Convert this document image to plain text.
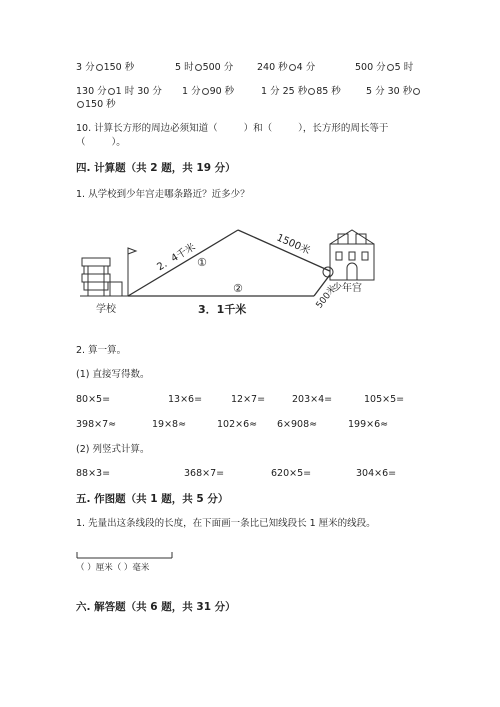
3 分 150 秒	5 时 500 分	240 秒 4 分	500 分 5 时
130 分 1 时 30 分 1 分 90 秒	1 分 25 秒 85 秒	5 分 30 秒
150 秒
10. 计算长方形的周边必须知道（	）和（	），长方形的周长等于
（	）。
四. 计算题（共 2 题，共 19 分）
1. 从学校到少年宫走哪条路近？近多少？
2．4千米	1500米
3．1千米	500米
①
②
学校
少年宫
2. 算一算。
(1) 直接写得数。
80×5=	13×6=	12×7=	203×4=	105×5=
398×7≈	19×8≈	102×6≈ 6×908≈	199×6≈
(2) 列竖式计算。
88×3=	368×7=	620×5=	304×6=
五. 作图题（共 1 题，共 5 分）
1. 先量出这条线段的长度，在下面画一条比已知线段长 1 厘米的线段。
（ ）厘米（ ）毫米
六. 解答题（共 6 题，共 31 分）
